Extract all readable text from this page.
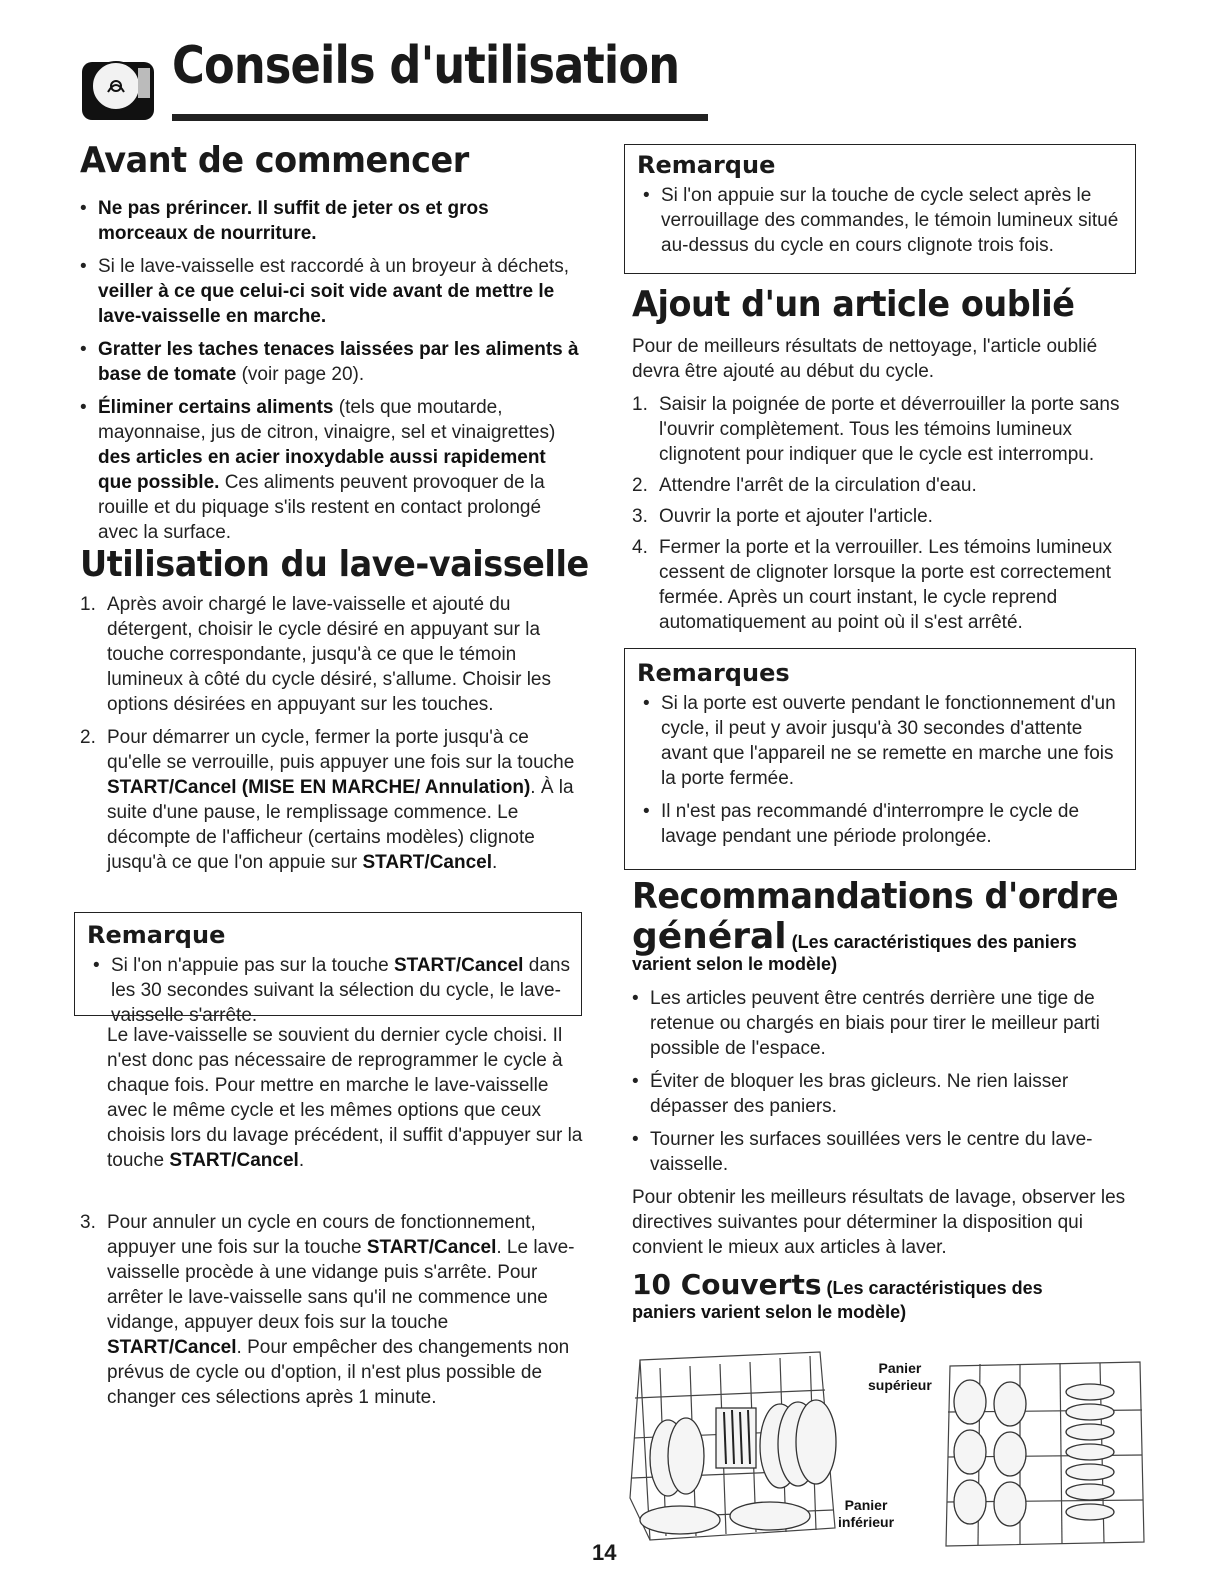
Conseils d'utilisation
Avant de commencer
• Ne pas prérincer. Il suffit de jeter os et gros morceaux de nourriture.
• Si le lave-vaisselle est raccordé à un broyeur à déchets, veiller à ce que celui-ci soit vide avant de mettre le lave-vaisselle en marche.
• Gratter les taches tenaces laissées par les aliments à base de tomate (voir page 20).
• Éliminer certains aliments (tels que moutarde, mayonnaise, jus de citron, vinaigre, sel et vinaigrettes) des articles en acier inoxydable aussi rapidement que possible. Ces aliments peuvent provoquer de la rouille et du piquage s'ils restent en contact prolongé avec la surface.
Utilisation du lave-vaisselle
1. Après avoir chargé le lave-vaisselle et ajouté du détergent, choisir le cycle désiré en appuyant sur la touche correspondante, jusqu'à ce que le témoin lumineux à côté du cycle désiré, s'allume. Choisir les options désirées en appuyant sur les touches.
2. Pour démarrer un cycle, fermer la porte jusqu'à ce qu'elle se verrouille, puis appuyer une fois sur la touche START/Cancel (MISE EN MARCHE/ Annulation). À la suite d'une pause, le remplissage commence. Le décompte de l'afficheur (certains modèles) clignote jusqu'à ce que l'on appuie sur START/Cancel.
Remarque
• Si l'on n'appuie pas sur la touche START/Cancel dans les 30 secondes suivant la sélection du cycle, le lave-vaisselle s'arrête.

Le lave-vaisselle se souvient du dernier cycle choisi. Il n'est donc pas nécessaire de reprogrammer le cycle à chaque fois. Pour mettre en marche le lave-vaisselle avec le même cycle et les mêmes options que ceux choisis lors du lavage précédent, il suffit d'appuyer sur la touche START/Cancel.

3. Pour annuler un cycle en cours de fonctionnement, appuyer une fois sur la touche START/Cancel. Le lave-vaisselle procède à une vidange puis s'arrête. Pour arrêter le lave-vaisselle sans qu'il ne commence une vidange, appuyer deux fois sur la touche START/Cancel. Pour empêcher des changements non prévus de cycle ou d'option, il n'est plus possible de changer ces sélections après 1 minute.
Remarque
• Si l'on appuie sur la touche de cycle select après le verrouillage des commandes, le témoin lumineux situé au-dessus du cycle en cours clignote trois fois.
Ajout d'un article oublié

Pour de meilleurs résultats de nettoyage, l'article oublié devra être ajouté au début du cycle.

1. Saisir la poignée de porte et déverrouiller la porte sans l'ouvrir complètement. Tous les témoins lumineux clignotent pour indiquer que le cycle est interrompu.
2. Attendre l'arrêt de la circulation d'eau.
3. Ouvrir la porte et ajouter l'article.
4. Fermer la porte et la verrouiller. Les témoins lumineux cessent de clignoter lorsque la porte est correctement fermée. Après un court instant, le cycle reprend automatiquement au point où il s'est arrêté.
Remarques
• Si la porte est ouverte pendant le fonctionnement d'un cycle, il peut y avoir jusqu'à 30 secondes d'attente avant que l'appareil ne se remette en marche une fois la porte fermée.
• Il n'est pas recommandé d'interrompre le cycle de lavage pendant une période prolongée.
Recommandations d'ordre
général (Les caractéristiques des paniers
varient selon le modèle)
• Les articles peuvent être centrés derrière une tige de retenue ou chargés en biais pour tirer le meilleur parti possible de l'espace.
• Éviter de bloquer les bras gicleurs. Ne rien laisser dépasser des paniers.
• Tourner les surfaces souillées vers le centre du lave-vaisselle.

Pour obtenir les meilleurs résultats de lavage, observer les directives suivantes pour déterminer la disposition qui convient le mieux aux articles à laver.

10 Couverts (Les caractéristiques des
paniers varient selon le modèle)
Panier
supérieur
Panier
inférieur
14
